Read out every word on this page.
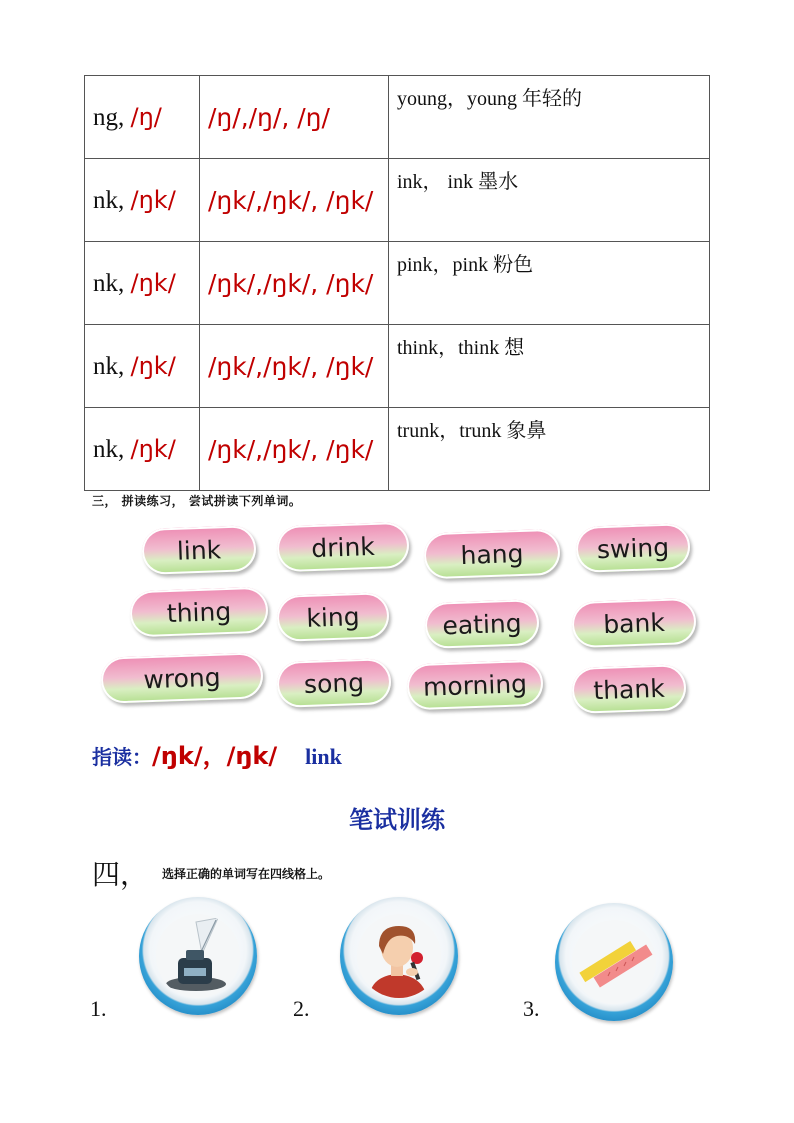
ng, /ŋ/	/ŋ/,/ŋ/, /ŋ/	young，young 年轻的
nk, /ŋk/	/ŋk/,/ŋk/, /ŋk/	ink， ink 墨水
nk, /ŋk/	/ŋk/,/ŋk/, /ŋk/	pink，pink 粉色
nk, /ŋk/	/ŋk/,/ŋk/, /ŋk/	think，think 想
nk, /ŋk/	/ŋk/,/ŋk/, /ŋk/	trunk，trunk 象鼻
三， 拼读练习， 尝试拼读下列单词。
link	drink	hang	swing
thing	king	eating	bank
wrong	song	morning	thank
指读：/ŋk/，/ŋk/ link
笔试训练
四， $^{选择正确的单词写在四线格上。}$
1.	2.	3.
